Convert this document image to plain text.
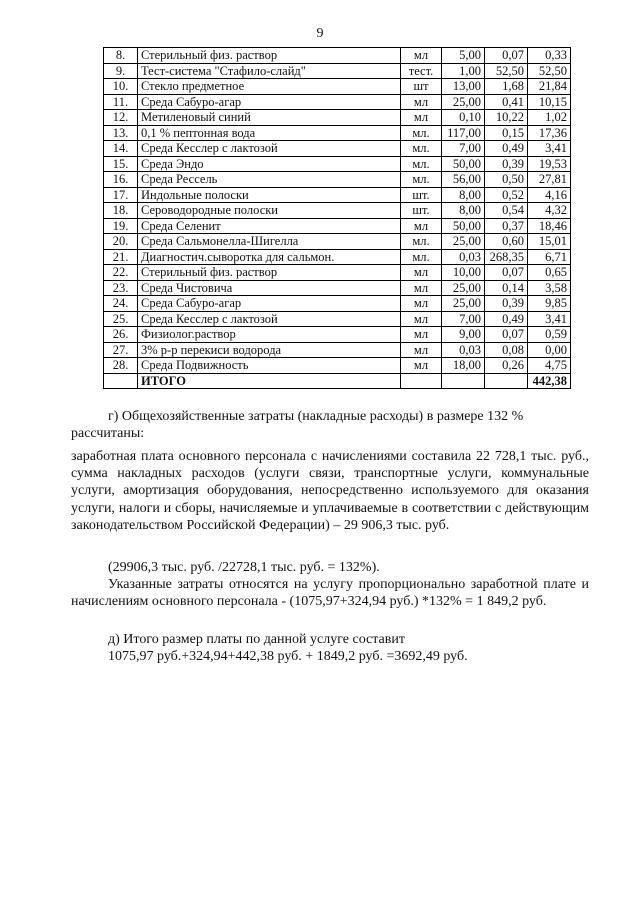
9
8.	Стерильный физ. раствор	мл	5,00	0,07	0,33
9.	Тест-система "Стафило-слайд"	тест.	1,00	52,50	52,50
10.	Стекло предметное	шт	13,00	1,68	21,84
11.	Среда Сабуро-агар	мл	25,00	0,41	10,15
12.	Метиленовый синий	мл	0,10	10,22	1,02
13.	0,1 % пептонная вода	мл.	117,00	0,15	17,36
14.	Среда Кесслер с лактозой	мл.	7,00	0,49	3,41
15.	Среда Эндо	мл.	50,00	0,39	19,53
16.	Среда Рессель	мл.	56,00	0,50	27,81
17.	Индольные полоски	шт.	8,00	0,52	4,16
18.	Сероводородные полоски	шт.	8,00	0,54	4,32
19.	Среда Селенит	мл	50,00	0,37	18,46
20.	Среда Сальмонелла-Шигелла	мл.	25,00	0,60	15,01
21.	Диагностич.сыворотка для сальмон.	мл.	0,03	268,35	6,71
22.	Стерильный физ. раствор	мл	10,00	0,07	0,65
23.	Среда Чистовича	мл	25,00	0,14	3,58
24.	Среда Сабуро-агар	мл	25,00	0,39	9,85
25.	Среда Кесслер с лактозой	мл	7,00	0,49	3,41
26.	Физиолог.раствор	мл	9,00	0,07	0,59
27.	3% р-р перекиси водорода	мл	0,03	0,08	0,00
28.	Среда Подвижность	мл	18,00	0,26	4,75
	ИТОГО				442,38

г) Общехозяйственные затраты (накладные расходы) в размере 132 %

рассчитаны:

заработная плата основного персонала с начислениями составила 22 728,1 тыс. руб., сумма накладных расходов (услуги связи, транспортные услуги, коммунальные услуги, амортизация оборудования, непосредственно используемого для оказания услуги, налоги и сборы, начисляемые и уплачиваемые в соответствии с действующим законодательством Российской Федерации) – 29 906,3 тыс. руб.

(29906,3 тыс. руб. /22728,1 тыс. руб. = 132%).

Указанные затраты относятся на услугу пропорционально заработной плате и начислениям основного персонала - (1075,97+324,94 руб.) *132% = 1 849,2 руб.

д) Итого размер платы по данной услуге составит

1075,97 руб.+324,94+442,38 руб. + 1849,2 руб. =3692,49 руб.
